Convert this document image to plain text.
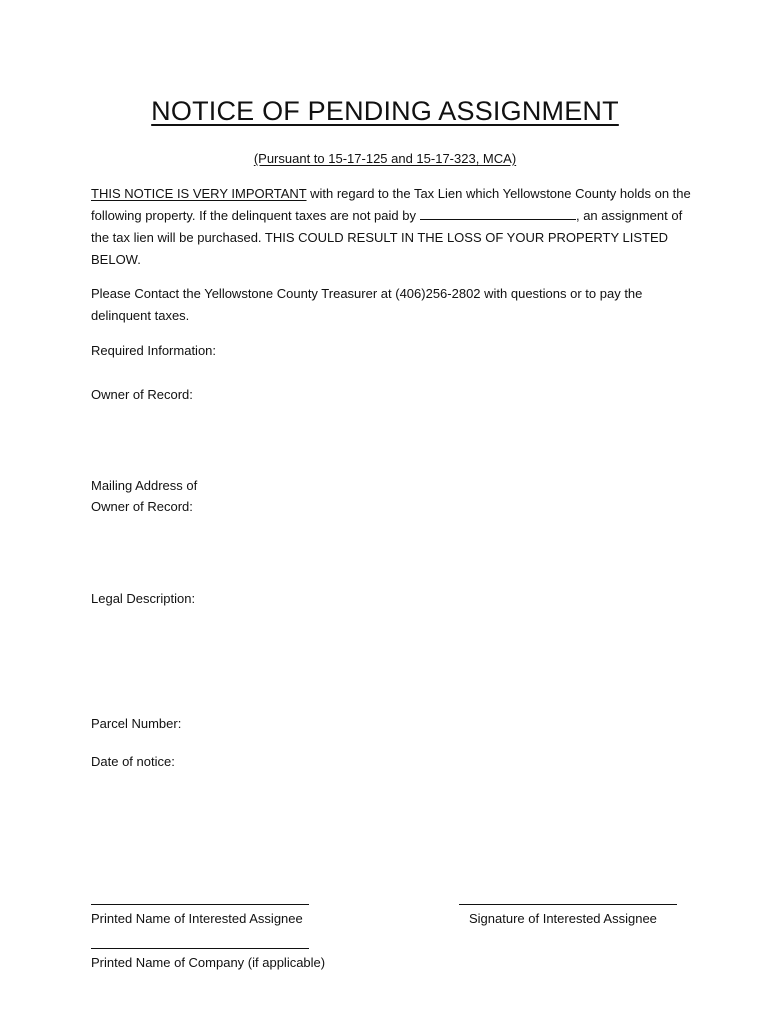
NOTICE OF PENDING ASSIGNMENT
(Pursuant to 15-17-125 and 15-17-323, MCA)
THIS NOTICE IS VERY IMPORTANT with regard to the Tax Lien which Yellowstone County holds on the following property. If the delinquent taxes are not paid by	, an assignment of the tax lien will be purchased. THIS COULD RESULT IN THE LOSS OF YOUR PROPERTY LISTED BELOW.
Please Contact the Yellowstone County Treasurer at (406)256-2802 with questions or to pay the delinquent taxes.
Required Information:
Owner of Record:
Mailing Address of
Owner of Record:
Legal Description:
Parcel Number:
Date of notice:
Printed Name of Interested Assignee	Signature of Interested Assignee
Printed Name of Company (if applicable)
